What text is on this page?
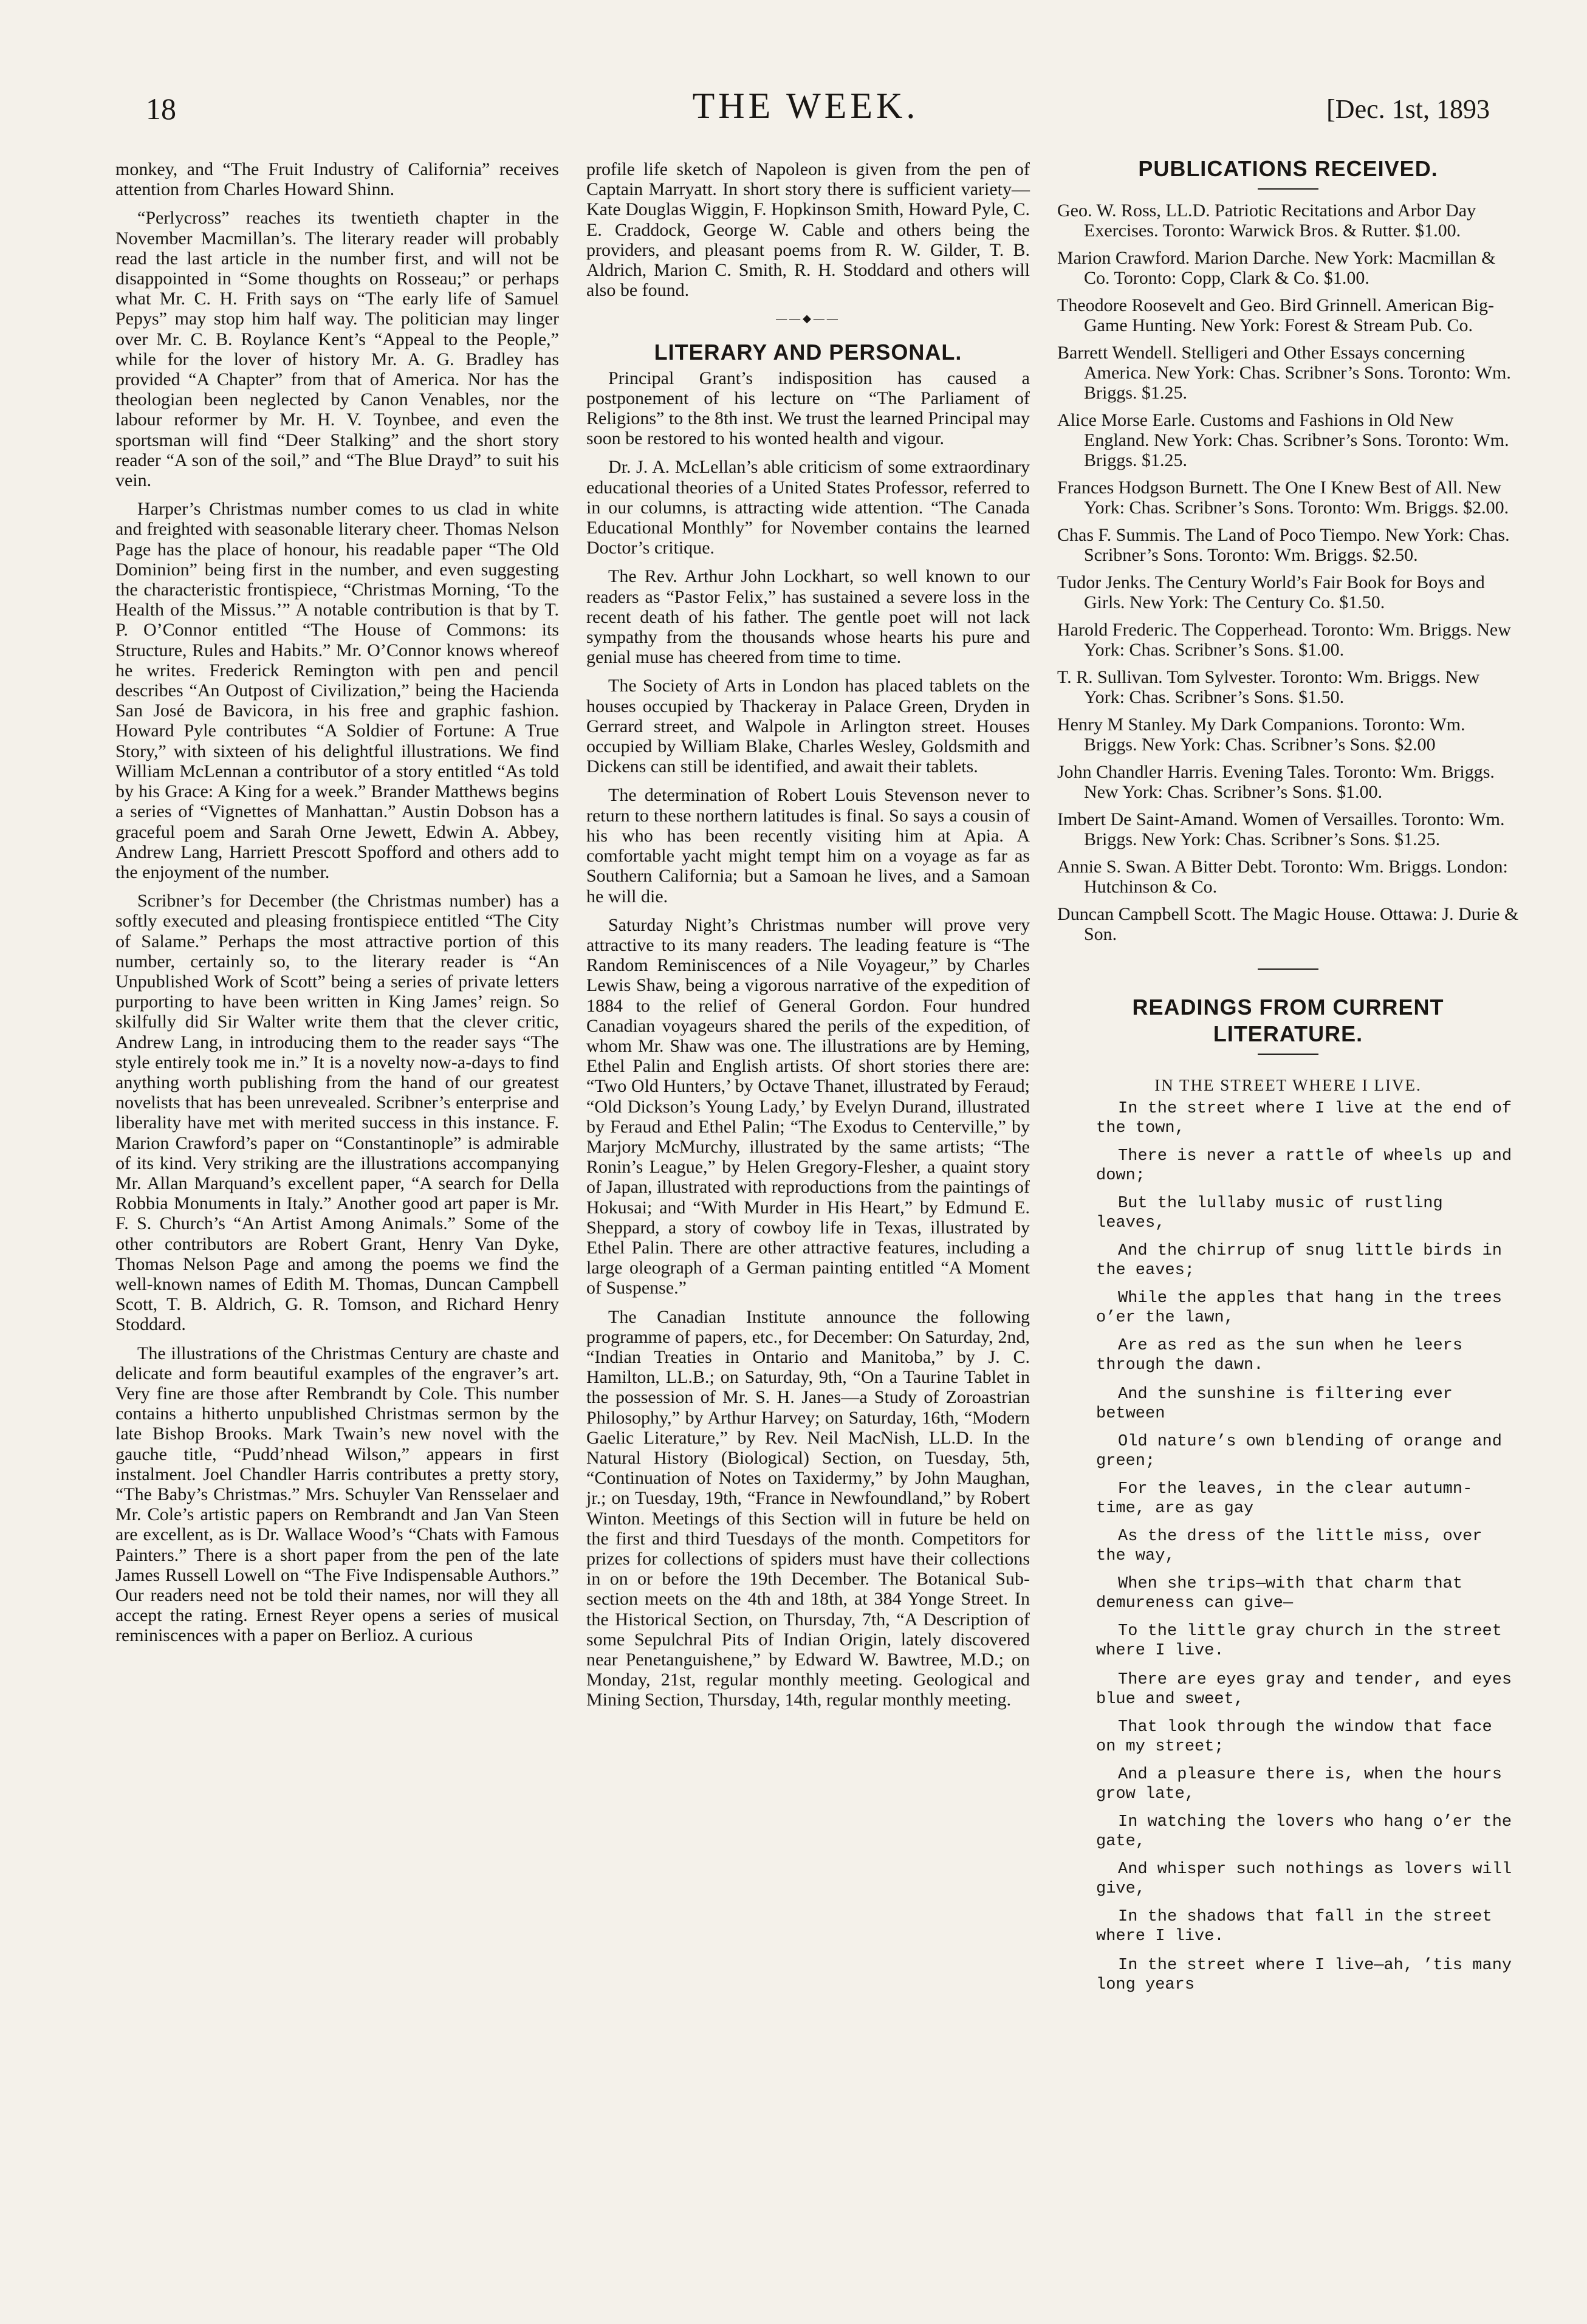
18	THE WEEK.	[Dec. 1st, 1893

monkey, and “The Fruit Industry of California” receives attention from Charles Howard Shinn.

“Perlycross” reaches its twentieth chapter in the November Macmillan’s. The literary reader will probably read the last article in the number first, and will not be disappointed in “Some thoughts on Rosseau;” or perhaps what Mr. C. H. Frith says on “The early life of Samuel Pepys” may stop him half way. The politician may linger over Mr. C. B. Roylance Kent’s “Appeal to the People,” while for the lover of history Mr. A. G. Bradley has provided “A Chapter” from that of America. Nor has the theologian been neglected by Canon Venables, nor the labour reformer by Mr. H. V. Toynbee, and even the sportsman will find “Deer Stalking” and the short story reader “A son of the soil,” and “The Blue Drayd” to suit his vein.

Harper’s Christmas number comes to us clad in white and freighted with seasonable literary cheer. Thomas Nelson Page has the place of honour, his readable paper “The Old Dominion” being first in the number, and even suggesting the characteristic frontispiece, “Christmas Morning, ‘To the Health of the Missus.’” A notable contribution is that by T. P. O’Connor entitled “The House of Commons: its Structure, Rules and Habits.” Mr. O’Connor knows whereof he writes. Frederick Remington with pen and pencil describes “An Outpost of Civilization,” being the Hacienda San José de Bavicora, in his free and graphic fashion. Howard Pyle contributes “A Soldier of Fortune: A True Story,” with sixteen of his delightful illustrations. We find William McLennan a contributor of a story entitled “As told by his Grace: A King for a week.” Brander Matthews begins a series of “Vignettes of Manhattan.” Austin Dobson has a graceful poem and Sarah Orne Jewett, Edwin A. Abbey, Andrew Lang, Harriett Prescott Spofford and others add to the enjoyment of the number.

Scribner’s for December (the Christmas number) has a softly executed and pleasing frontispiece entitled “The City of Salame.” Perhaps the most attractive portion of this number, certainly so, to the literary reader is “An Unpublished Work of Scott” being a series of private letters purporting to have been written in King James’ reign. So skilfully did Sir Walter write them that the clever critic, Andrew Lang, in introducing them to the reader says “The style entirely took me in.” It is a novelty now-a-days to find anything worth publishing from the hand of our greatest novelists that has been unrevealed. Scribner’s enterprise and liberality have met with merited success in this instance. F. Marion Crawford’s paper on “Constantinople” is admirable of its kind. Very striking are the illustrations accompanying Mr. Allan Marquand’s excellent paper, “A search for Della Robbia Monuments in Italy.” Another good art paper is Mr. F. S. Church’s “An Artist Among Animals.” Some of the other contributors are Robert Grant, Henry Van Dyke, Thomas Nelson Page and among the poems we find the well-known names of Edith M. Thomas, Duncan Campbell Scott, T. B. Aldrich, G. R. Tomson, and Richard Henry Stoddard.

The illustrations of the Christmas Century are chaste and delicate and form beautiful examples of the engraver’s art. Very fine are those after Rembrandt by Cole. This number contains a hitherto unpublished Christmas sermon by the late Bishop Brooks. Mark Twain’s new novel with the gauche title, “Pudd’nhead Wilson,” appears in first instalment. Joel Chandler Harris contributes a pretty story, “The Baby’s Christmas.” Mrs. Schuyler Van Rensselaer and Mr. Cole’s artistic papers on Rembrandt and Jan Van Steen are excellent, as is Dr. Wallace Wood’s “Chats with Famous Painters.” There is a short paper from the pen of the late James Russell Lowell on “The Five Indispensable Authors.” Our readers need not be told their names, nor will they all accept the rating. Ernest Reyer opens a series of musical reminiscences with a paper on Berlioz. A curious

profile life sketch of Napoleon is given from the pen of Captain Marryatt. In short story there is sufficient variety—Kate Douglas Wiggin, F. Hopkinson Smith, Howard Pyle, C. E. Craddock, George W. Cable and others being the providers, and pleasant poems from R. W. Gilder, T. B. Aldrich, Marion C. Smith, R. H. Stoddard and others will also be found.

——◆——
LITERARY AND PERSONAL.

Principal Grant’s indisposition has caused a postponement of his lecture on “The Parliament of Religions” to the 8th inst. We trust the learned Principal may soon be restored to his wonted health and vigour.

Dr. J. A. McLellan’s able criticism of some extraordinary educational theories of a United States Professor, referred to in our columns, is attracting wide attention. “The Canada Educational Monthly” for November contains the learned Doctor’s critique.

The Rev. Arthur John Lockhart, so well known to our readers as “Pastor Felix,” has sustained a severe loss in the recent death of his father. The gentle poet will not lack sympathy from the thousands whose hearts his pure and genial muse has cheered from time to time.

The Society of Arts in London has placed tablets on the houses occupied by Thackeray in Palace Green, Dryden in Gerrard street, and Walpole in Arlington street. Houses occupied by William Blake, Charles Wesley, Goldsmith and Dickens can still be identified, and await their tablets.

The determination of Robert Louis Stevenson never to return to these northern latitudes is final. So says a cousin of his who has been recently visiting him at Apia. A comfortable yacht might tempt him on a voyage as far as Southern California; but a Samoan he lives, and a Samoan he will die.

Saturday Night’s Christmas number will prove very attractive to its many readers. The leading feature is “The Random Reminiscences of a Nile Voyageur,” by Charles Lewis Shaw, being a vigorous narrative of the expedition of 1884 to the relief of General Gordon. Four hundred Canadian voyageurs shared the perils of the expedition, of whom Mr. Shaw was one. The illustrations are by Heming, Ethel Palin and English artists. Of short stories there are: “Two Old Hunters,’ by Octave Thanet, illustrated by Feraud; “Old Dickson’s Young Lady,’ by Evelyn Durand, illustrated by Feraud and Ethel Palin; “The Exodus to Centerville,” by Marjory McMurchy, illustrated by the same artists; “The Ronin’s League,” by Helen Gregory-Flesher, a quaint story of Japan, illustrated with reproductions from the paintings of Hokusai; and “With Murder in His Heart,” by Edmund E. Sheppard, a story of cowboy life in Texas, illustrated by Ethel Palin. There are other attractive features, including a large oleograph of a German painting entitled “A Moment of Suspense.”

The Canadian Institute announce the following programme of papers, etc., for December: On Saturday, 2nd, “Indian Treaties in Ontario and Manitoba,” by J. C. Hamilton, LL.B.; on Saturday, 9th, “On a Taurine Tablet in the possession of Mr. S. H. Janes—a Study of Zoroastrian Philosophy,” by Arthur Harvey; on Saturday, 16th, “Modern Gaelic Literature,” by Rev. Neil MacNish, LL.D. In the Natural History (Biological) Section, on Tuesday, 5th, “Continuation of Notes on Taxidermy,” by John Maughan, jr.; on Tuesday, 19th, “France in Newfoundland,” by Robert Winton. Meetings of this Section will in future be held on the first and third Tuesdays of the month. Competitors for prizes for collections of spiders must have their collections in on or before the 19th December. The Botanical Sub-section meets on the 4th and 18th, at 384 Yonge Street. In the Historical Section, on Thursday, 7th, “A Description of some Sepulchral Pits of Indian Origin, lately discovered near Penetanguishene,” by Edward W. Bawtree, M.D.; on Monday, 21st, regular monthly meeting. Geological and Mining Section, Thursday, 14th, regular monthly meeting.

PUBLICATIONS RECEIVED.
Geo. W. Ross, LL.D. Patriotic Recitations and Arbor Day Exercises. Toronto: Warwick Bros. & Rutter. $1.00.
Marion Crawford. Marion Darche. New York: Macmillan & Co. Toronto: Copp, Clark & Co. $1.00.
Theodore Roosevelt and Geo. Bird Grinnell. American Big-Game Hunting. New York: Forest & Stream Pub. Co.
Barrett Wendell. Stelligeri and Other Essays concerning America. New York: Chas. Scribner’s Sons. Toronto: Wm. Briggs. $1.25.
Alice Morse Earle. Customs and Fashions in Old New England. New York: Chas. Scribner’s Sons. Toronto: Wm. Briggs. $1.25.
Frances Hodgson Burnett. The One I Knew Best of All. New York: Chas. Scribner’s Sons. Toronto: Wm. Briggs. $2.00.
Chas F. Summis. The Land of Poco Tiempo. New York: Chas. Scribner’s Sons. Toronto: Wm. Briggs. $2.50.
Tudor Jenks. The Century World’s Fair Book for Boys and Girls. New York: The Century Co. $1.50.
Harold Frederic. The Copperhead. Toronto: Wm. Briggs. New York: Chas. Scribner’s Sons. $1.00.
T. R. Sullivan. Tom Sylvester. Toronto: Wm. Briggs. New York: Chas. Scribner’s Sons. $1.50.
Henry M Stanley. My Dark Companions. Toronto: Wm. Briggs. New York: Chas. Scribner’s Sons. $2.00
John Chandler Harris. Evening Tales. Toronto: Wm. Briggs. New York: Chas. Scribner’s Sons. $1.00.
Imbert De Saint-Amand. Women of Versailles. Toronto: Wm. Briggs. New York: Chas. Scribner’s Sons. $1.25.
Annie S. Swan. A Bitter Debt. Toronto: Wm. Briggs. London: Hutchinson & Co.
Duncan Campbell Scott. The Magic House. Ottawa: J. Durie & Son.
READINGS FROM CURRENT LITERATURE.
IN THE STREET WHERE I LIVE.

In the street where I live at the end of the town,

There is never a rattle of wheels up and down;

But the lullaby music of rustling leaves,

And the chirrup of snug little birds in the eaves;

While the apples that hang in the trees o’er the lawn,

Are as red as the sun when he leers through the dawn.

And the sunshine is filtering ever between

Old nature’s own blending of orange and green;

For the leaves, in the clear autumn-time, are as gay

As the dress of the little miss, over the way,

When she trips—with that charm that demureness can give—

To the little gray church in the street where I live.

There are eyes gray and tender, and eyes blue and sweet,

That look through the window that face on my street;

And a pleasure there is, when the hours grow late,

In watching the lovers who hang o’er the gate,

And whisper such nothings as lovers will give,

In the shadows that fall in the street where I live.

In the street where I live—ah, ’tis many long years
